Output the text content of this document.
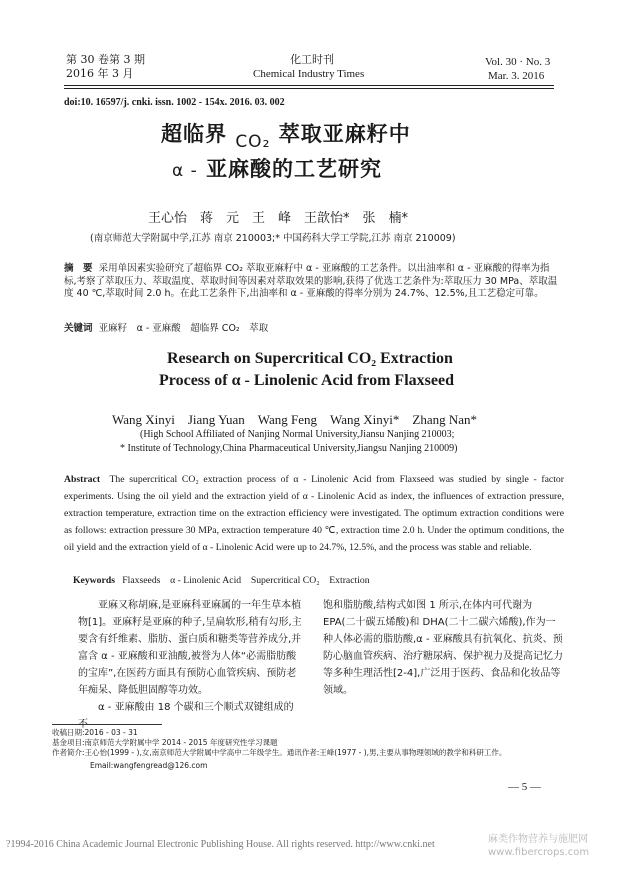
第 30 卷第 3 期
2016 年 3 月
化工时刊
Chemical Industry Times
Vol. 30 · No. 3
Mar. 3. 2016
doi:10. 16597/j. cnki. issn. 1002 - 154x. 2016. 03. 002
超临界 $_{CO_2}$ 萃取亚麻籽中
α - 亚麻酸的工艺研究
王心怡　蒋　元　王　峰　王歆怡*　张　楠*
(南京师范大学附属中学,江苏 南京 210003;* 中国药科大学工学院,江苏 南京 210009)
摘　要 采用单因素实验研究了超临界 CO₂ 萃取亚麻籽中 α - 亚麻酸的工艺条件。以出油率和 α - 亚麻酸的得率为指标,考察了萃取压力、萃取温度、萃取时间等因素对萃取效果的影响,获得了优选工艺条件为:萃取压力 30 MPa、萃取温度 40 ℃,萃取时间 2.0 h。在此工艺条件下,出油率和 α - 亚麻酸的得率分别为 24.7%、12.5%,且工艺稳定可靠。
关键词 亚麻籽　α - 亚麻酸　超临界 CO₂　萃取
Research on Supercritical CO₂ Extraction
Process of α - Linolenic Acid from Flaxseed
Wang Xinyi　Jiang Yuan　Wang Feng　Wang Xinyi*　Zhang Nan*
(High School Affiliated of Nanjing Normal University,Jiansu Nanjing 210003;
* Institute of Technology,China Pharmaceutical University,Jiangsu Nanjing 210009)
Abstract The supercritical CO₂ extraction process of α - Linolenic Acid from Flaxseed was studied by single - factor experiments. Using the oil yield and the extraction yield of α - Linolenic Acid as index, the influences of extraction pressure, extraction temperature, extraction time on the extraction efficiency were investigated. The optimum extraction conditions were as follows: extraction pressure 30 MPa, extraction temperature 40 ℃, extraction time 2.0 h. Under the optimum conditions, the oil yield and the extraction yield of α - Linolenic Acid were up to 24.7%, 12.5%, and the process was stable and reliable.
Keywords Flaxseeds　α - Linolenic Acid　Supercritical CO₂　Extraction
　　亚麻又称胡麻,是亚麻科亚麻属的一年生草本植物[1]。亚麻籽是亚麻的种子,呈扁软形,稍有勾形,主要含有纤维素、脂肪、蛋白质和糖类等营养成分,并富含 α - 亚麻酸和亚油酸,被誉为人体“必需脂肪酸的宝库”,在医药方面具有预防心血管疾病、预防老年痴呆、降低胆固醇等功效。
　　α - 亚麻酸由 18 个碳和三个顺式双键组成的不
饱和脂肪酸,结构式如图 1 所示,在体内可代谢为 EPA(二十碳五烯酸)和 DHA(二十二碳六烯酸),作为一种人体必需的脂肪酸,α - 亚麻酸具有抗氧化、抗炎、预防心脑血管疾病、治疗糖尿病、保护视力及提高记忆力等多种生理活性[2-4],广泛用于医药、食品和化妆品等领域。
收稿日期:2016 - 03 - 31
基金项目:南京师范大学附属中学 2014 - 2015 年度研究性学习课题
作者简介:王心怡(1999 - ),女,南京师范大学附属中学高中二年级学生。通讯作者:王峰(1977 - ),男,主要从事物理领域的教学和科研工作。
Email:wangfengread@126.com
— 5 —
?1994-2016 China Academic Journal Electronic Publishing House. All rights reserved. http://www.cnki.net	麻类作物营养与施肥网 www.fibercrops.com
